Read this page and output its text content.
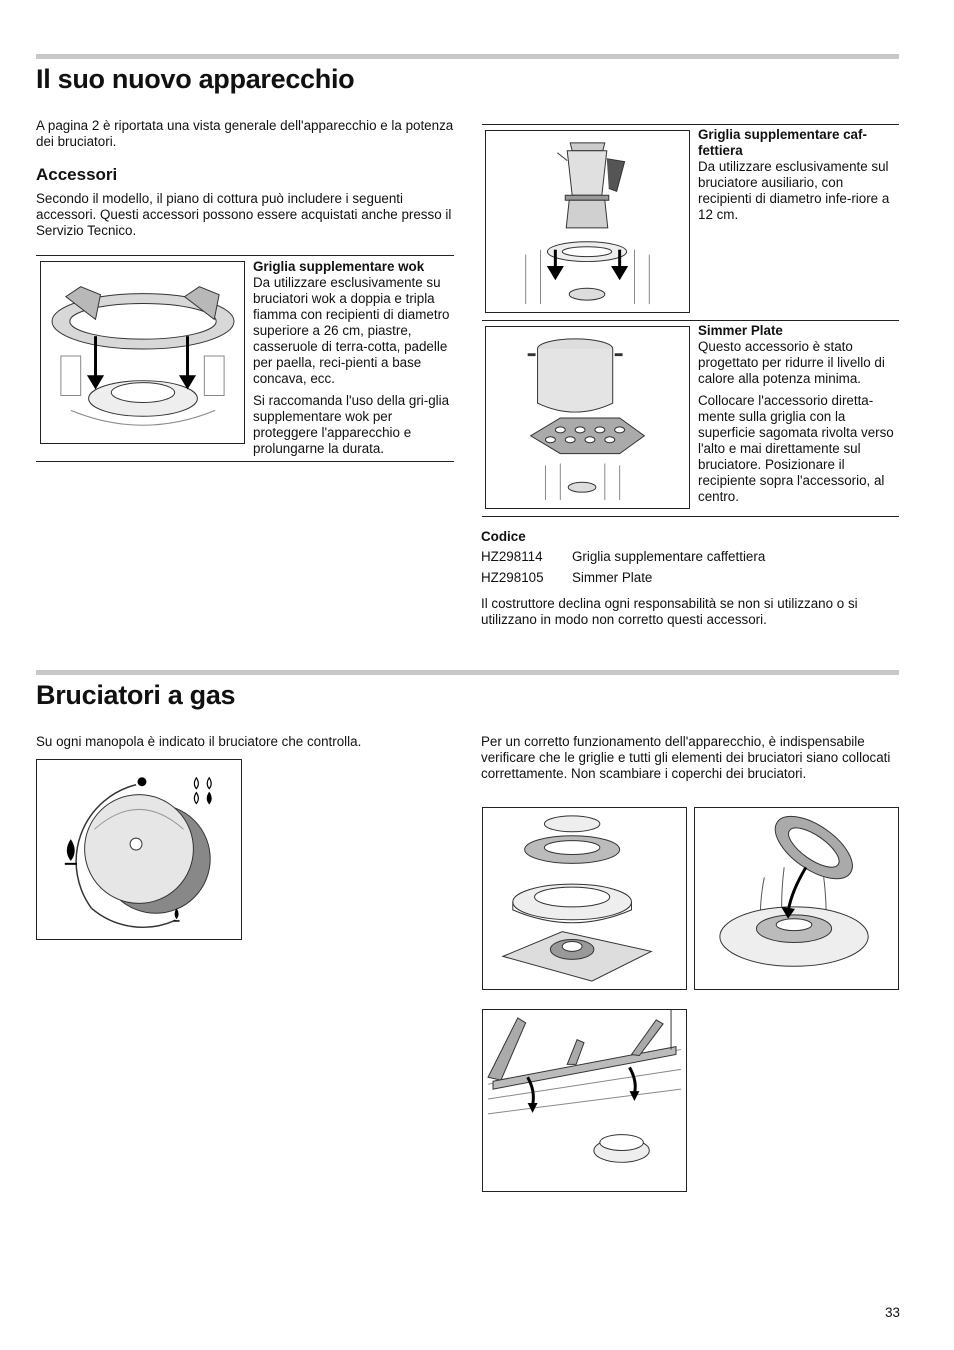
Il suo nuovo apparecchio

A pagina 2 è riportata una vista generale dell'apparecchio e la potenza dei bruciatori.

Accessori

Secondo il modello, il piano di cottura può includere i seguenti accessori. Questi accessori possono essere acquistati anche presso il Servizio Tecnico.

Griglia supplementare wok

Da utilizzare esclusivamente su bruciatori wok a doppia e tripla fiamma con recipienti di diametro superiore a 26 cm, piastre, casseruole di terra-cotta, padelle per paella, reci-pienti a base concava, ecc.

Si raccomanda l'uso della gri-glia supplementare wok per proteggere l'apparecchio e prolungarne la durata.

Griglia supplementare caf-fettiera

Da utilizzare esclusivamente sul bruciatore ausiliario, con recipienti di diametro infe-riore a 12 cm.

Simmer Plate

Questo accessorio è stato progettato per ridurre il livello di calore alla potenza minima.

Collocare l'accessorio diretta-mente sulla griglia con la superficie sagomata rivolta verso l'alto e mai direttamente sul bruciatore. Posizionare il recipiente sopra l'accessorio, al centro.

Codice

HZ298114 Griglia supplementare caffettiera
HZ298105 Simmer Plate

Il costruttore declina ogni responsabilità se non si utilizzano o si utilizzano in modo non corretto questi accessori.

Bruciatori a gas

Su ogni manopola è indicato il bruciatore che controlla.	Per un corretto funzionamento dell'apparecchio, è indispensabile verificare che le griglie e tutti gli elementi dei bruciatori siano collocati correttamente. Non scambiare i coperchi dei bruciatori.

33
